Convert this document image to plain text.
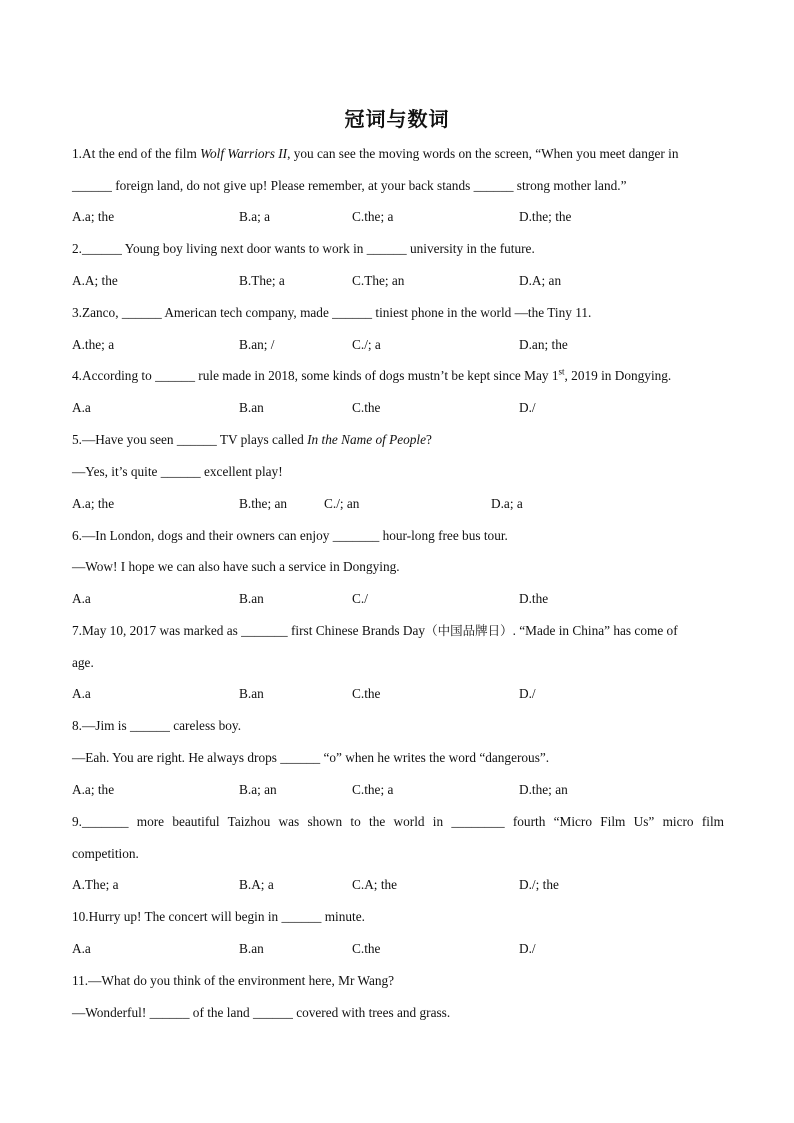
冠词与数词
1.At the end of the film Wolf Warriors II, you can see the moving words on the screen, “When you meet danger in
______ foreign land, do not give up! Please remember, at your back stands ______ strong mother land.”
A.a; the	B.a; a	C.the; a	D.the; the
2.______ Young boy living next door wants to work in ______ university in the future.
A.A; the	B.The; a	C.The; an	D.A; an
3.Zanco, ______ American tech company, made ______ tiniest phone in the world —the Tiny 11.
A.the; a	B.an; /	C./; a	D.an; the
4.According to ______ rule made in 2018, some kinds of dogs mustn’t be kept since May 1st, 2019 in Dongying.
A.a	B.an	C.the	D./
5.—Have you seen ______ TV plays called In the Name of People?
—Yes, it’s quite ______ excellent play!
A.a; the	B.the; an	C./; an	D.a; a
6.—In London, dogs and their owners can enjoy _______ hour-long free bus tour.
—Wow! I hope we can also have such a service in Dongying.
A.a	B.an	C./	D.the
7.May 10, 2017 was marked as _______ first Chinese Brands Day（中国品牌日）. “Made in China” has come of
age.
A.a	B.an	C.the	D./
8.—Jim is ______ careless boy.
—Eah. You are right. He always drops ______ “o” when he writes the word “dangerous”.
A.a; the	B.a; an	C.the; a	D.the; an
9._______ more beautiful Taizhou was shown to the world in ________ fourth “Micro Film Us” micro film
competition.
A.The; a	B.A; a	C.A; the	D./; the
10.Hurry up! The concert will begin in ______ minute.
A.a	B.an	C.the	D./
11.—What do you think of the environment here, Mr Wang?
—Wonderful! ______ of the land ______ covered with trees and grass.
